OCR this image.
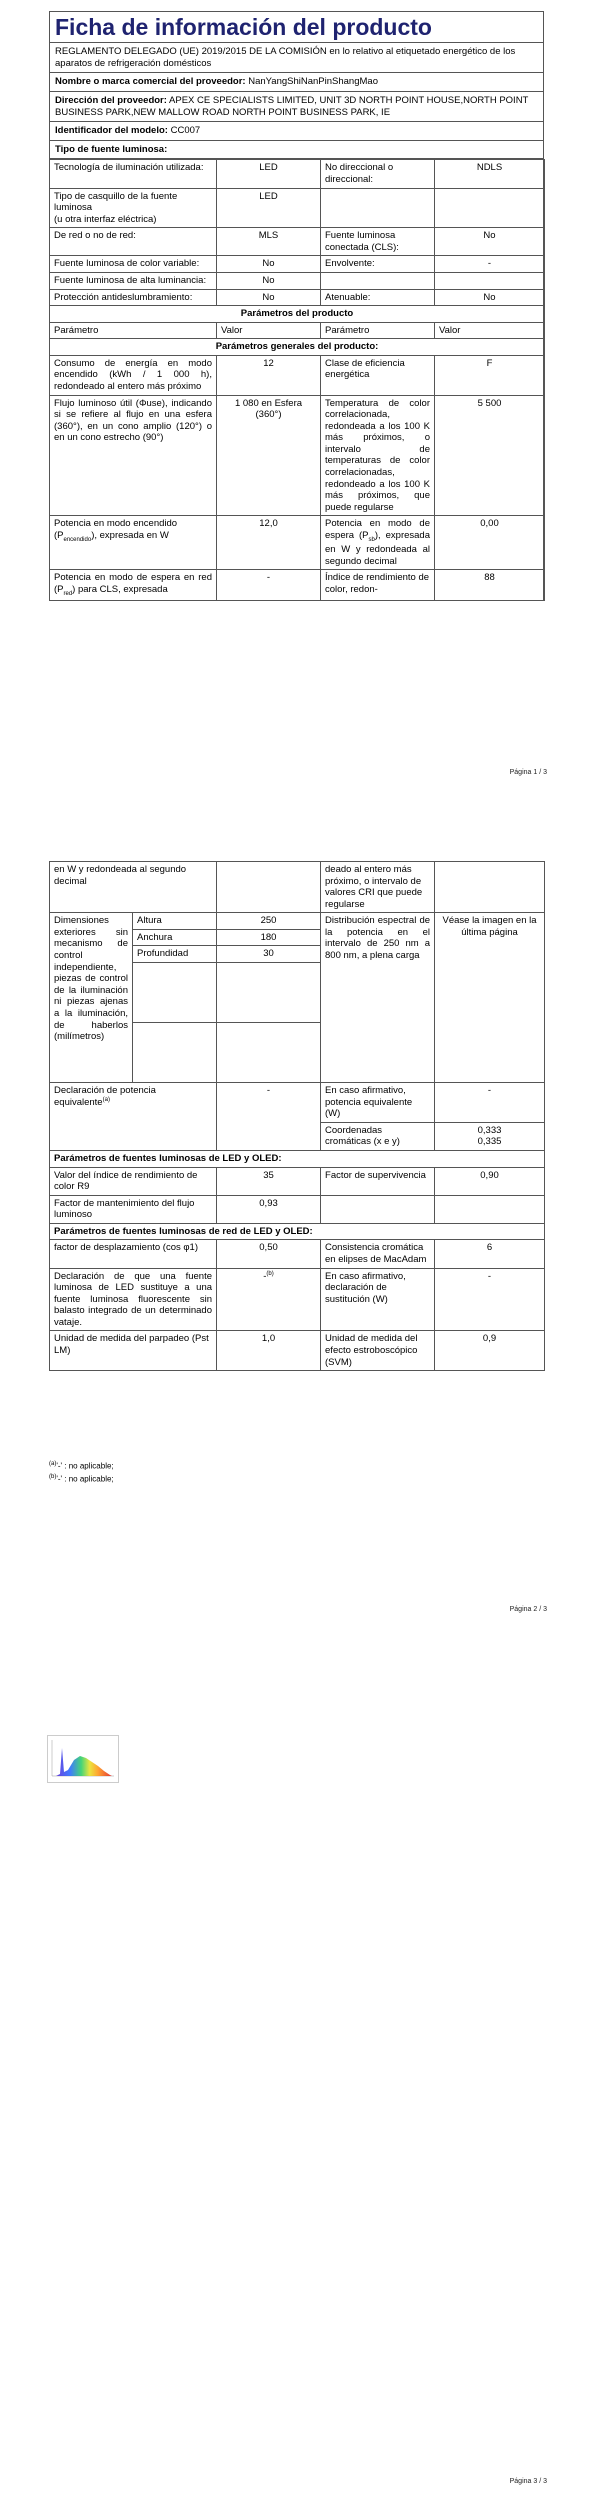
Ficha de información del producto
REGLAMENTO DELEGADO (UE) 2019/2015 DE LA COMISIÓN en lo relativo al etiquetado energético de los aparatos de refrigeración domésticos
Nombre o marca comercial del proveedor: NanYangShiNanPinShangMao
Dirección del proveedor: APEX CE SPECIALISTS LIMITED, UNIT 3D NORTH POINT HOUSE,NORTH POINT BUSINESS PARK,NEW MALLOW ROAD NORTH POINT BUSINESS PARK, IE
Identificador del modelo: CC007
Tipo de fuente luminosa:
Tecnología de iluminación utilizada:	LED	No direccional o direccional:	NDLS
Tipo de casquillo de la fuente luminosa
(u otra interfaz eléctrica)	LED		
De red o no de red:	MLS	Fuente luminosa conectada (CLS):	No
Fuente luminosa de color variable:	No	Envolvente:	-
Fuente luminosa de alta luminancia:	No		
Protección antideslumbramiento:	No	Atenuable:	No
Parámetros del producto			
Parámetro	Valor	Parámetro	Valor
Parámetros generales del producto:			
Consumo de energía en modo encendido (kWh / 1 000 h), redondeado al entero más próximo	12	Clase de eficiencia energética	F
Flujo luminoso útil (Φuse), indicando si se refiere al flujo en una esfera (360°), en un cono amplio (120°) o en un cono estrecho (90°)	1 080 en Esfera (360°)	Temperatura de color correlacionada, redondeada a los 100 K más próximos, o intervalo de temperaturas de color correlacionadas, redondeado a los 100 K más próximos, que puede regularse	5 500
Potencia en modo encendido $(P_{encendido})$, expresada en W	12,0	Potencia en modo de espera $(P_{sb})$, expresada en W y redondeada al segundo decimal	0,00
Potencia en modo de espera en red $(P_{red})$ para CLS, expresada	-	Índice de rendimiento de color, redon-	88
Página 1 / 3
en W y redondeada al segundo decimal			deado al entero más próximo, o intervalo de valores CRI que puede regularse	
Dimensiones exteriores sin mecanismo de control independiente, piezas de control de la iluminación ni piezas ajenas a la iluminación, de haberlos (milímetros)	Altura	250	Distribución espectral de la potencia en el intervalo de 250 nm a 800 nm, a plena carga	Véase la imagen en la última página
	Anchura	180		
	Profundidad	30		

Declaración de potencia equivalente$^{(a)}$		-	En caso afirmativo, potencia equivalente (W)	-
			Coordenadas cromáticas (x e y)	0,333
0,335
Parámetros de fuentes luminosas de LED y OLED:				
Valor del índice de rendimiento de color R9		35	Factor de supervivencia	0,90
Factor de mantenimiento del flujo luminoso		0,93		
Parámetros de fuentes luminosas de red de LED y OLED:				
factor de desplazamiento (cos φ1)		0,50	Consistencia cromática en elipses de MacAdam	6
Declaración de que una fuente luminosa de LED sustituye a una fuente luminosa fluorescente sin balasto integrado de un determinado vataje.		-$^{(b)}$	En caso afirmativo, declaración de sustitución (W)	-
Unidad de medida del parpadeo (Pst LM)		1,0	Unidad de medida del efecto estroboscópico (SVM)	0,9
$^{(a)}$'-' : no aplicable;
$^{(b)}$'-' : no aplicable;
Página 2 / 3
Página 3 / 3
